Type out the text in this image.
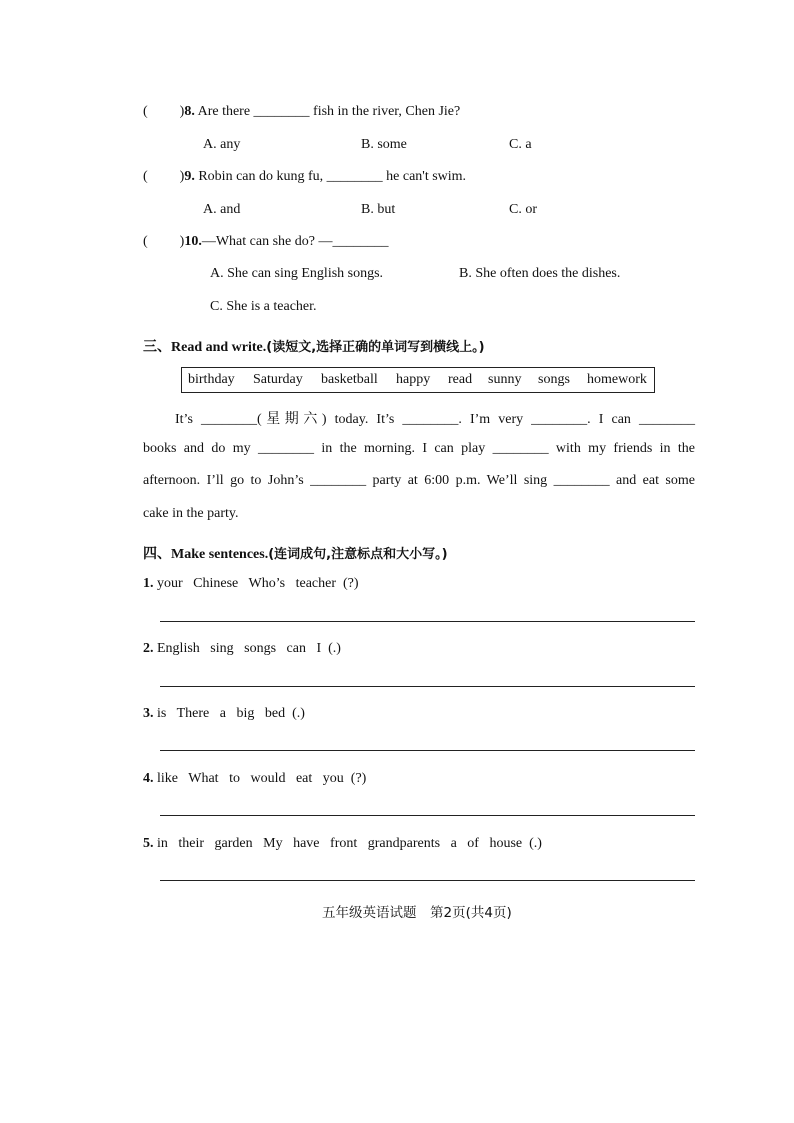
( )8. Are there ________ fish in the river, Chen Jie?
A. any	B. some	C. a
( )9. Robin can do kung fu, ________ he can't swim.
A. and	B. but	C. or
( )10.—What can she do? —________
A. She can sing English songs.	B. She often does the dishes.
C. She is a teacher.
三、Read and write.(读短文,选择正确的单词写到横线上。)
birthday Saturday basketball happy read sunny songs homework
It’s ________(星期六) today. It’s ________. I’m very ________. I can ________
books and do my ________ in the morning. I can play ________ with my friends in the
afternoon. I’ll go to John’s ________ party at 6:00 p.m. We’ll sing ________ and eat some
cake in the party.
四、Make sentences.(连词成句,注意标点和大小写。)
1. your Chinese Who’s teacher (?)
2. English sing songs can I (.)
3. is There a big bed (.)
4. like What to would eat you (?)
5. in their garden My have front grandparents a of house (.)
五年级英语试题　第2页(共4页)
